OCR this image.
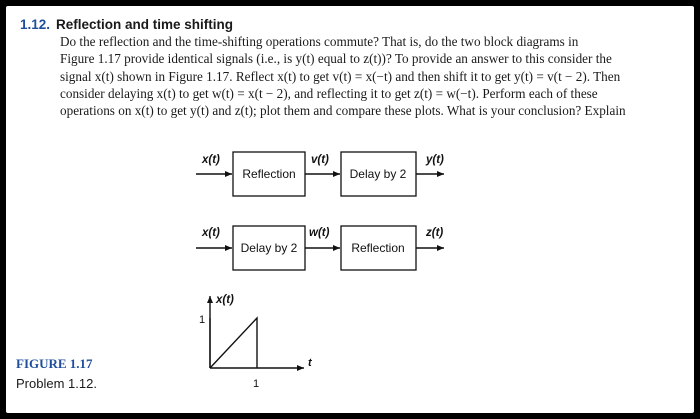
1.12. Reflection and time shifting

Do the reflection and the time-shifting operations commute? That is, do the two block diagrams in

Figure 1.17 provide identical signals (i.e., is y(t) equal to z(t))? To provide an answer to this consider the

signal x(t) shown in Figure 1.17. Reflect x(t) to get v(t) = x(−t) and then shift it to get y(t) = v(t − 2). Then

consider delaying x(t) to get w(t) = x(t − 2), and reflecting it to get z(t) = w(−t). Perform each of these

operations on x(t) to get y(t) and z(t); plot them and compare these plots. What is your conclusion? Explain

x(t)
Reflection
v(t)
Delay by 2
y(t)
x(t)
Delay by 2
w(t)
Reflection
z(t)
x(t)
t
1
1
FIGURE 1.17
Problem 1.12.
